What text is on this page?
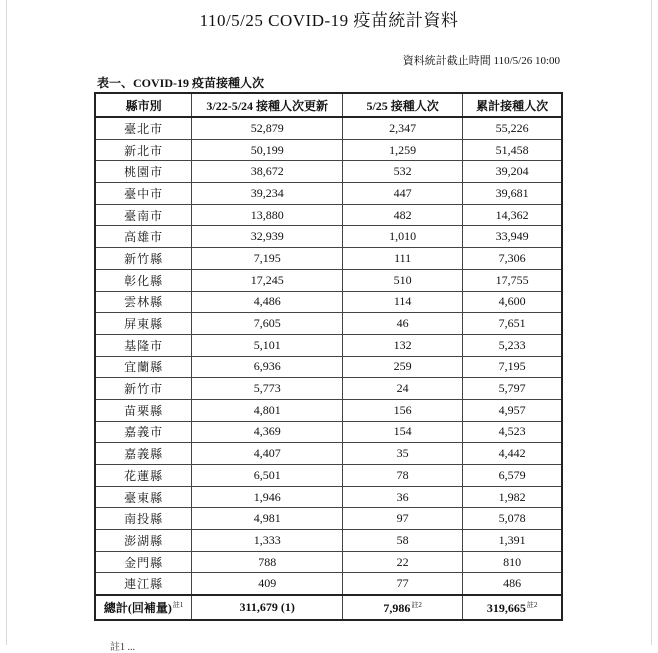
110/5/25 COVID-19 疫苗統計資料
資料統計截止時間 110/5/26 10:00
表一、COVID-19 疫苗接種人次
縣市別	3/22-5/24 接種人次更新	5/25 接種人次	累計接種人次
臺北市	52,879	2,347	55,226
新北市	50,199	1,259	51,458
桃園市	38,672	532	39,204
臺中市	39,234	447	39,681
臺南市	13,880	482	14,362
高雄市	32,939	1,010	33,949
新竹縣	7,195	111	7,306
彰化縣	17,245	510	17,755
雲林縣	4,486	114	4,600
屏東縣	7,605	46	7,651
基隆市	5,101	132	5,233
宜蘭縣	6,936	259	7,195
新竹市	5,773	24	5,797
苗栗縣	4,801	156	4,957
嘉義市	4,369	154	4,523
嘉義縣	4,407	35	4,442
花蓮縣	6,501	78	6,579
臺東縣	1,946	36	1,982
南投縣	4,981	97	5,078
澎湖縣	1,333	58	1,391
金門縣	788	22	810
連江縣	409	77	486
總計(回補量)$^{註1}$	311,679 (1)	7,986$^{註2}$	319,665$^{註2}$
註1 ...
